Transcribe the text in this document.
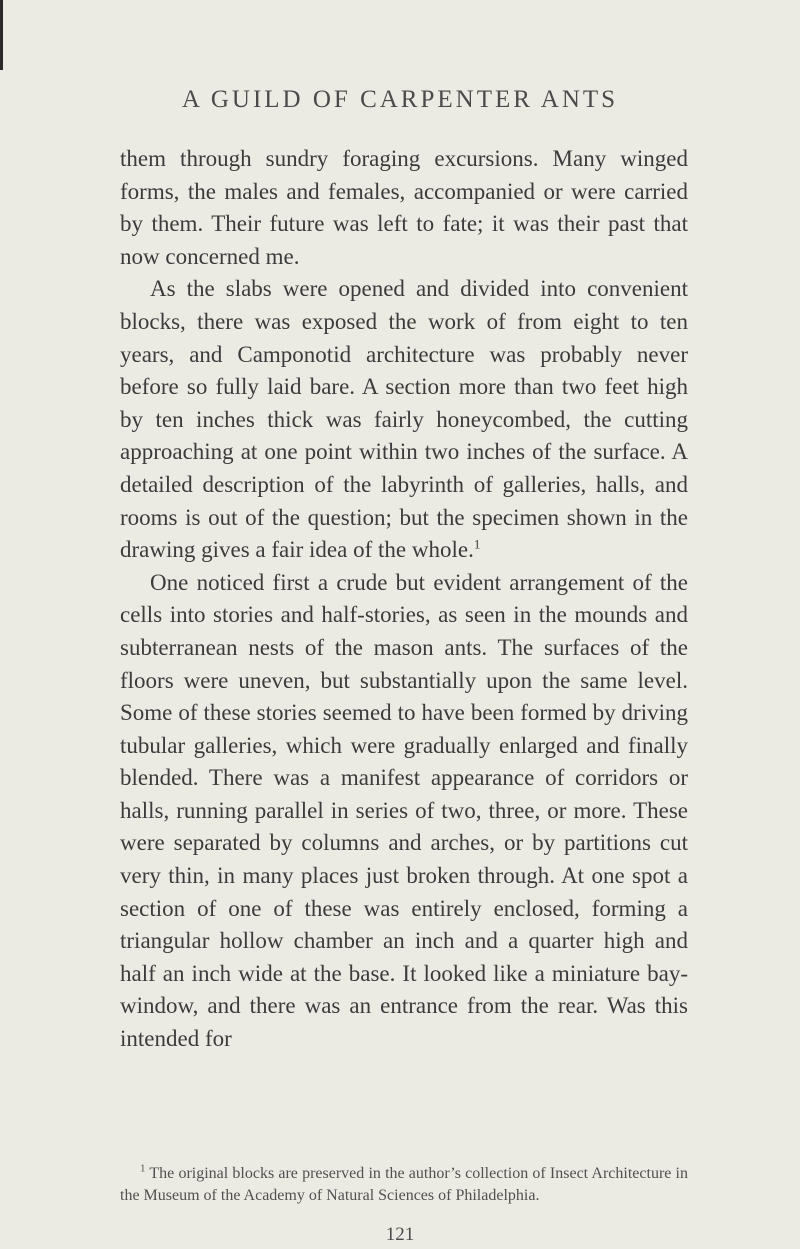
A GUILD OF CARPENTER ANTS

them through sundry foraging excursions. Many winged forms, the males and females, accompanied or were carried by them. Their future was left to fate; it was their past that now concerned me.

As the slabs were opened and divided into convenient blocks, there was exposed the work of from eight to ten years, and Camponotid architecture was probably never before so fully laid bare. A section more than two feet high by ten inches thick was fairly honeycombed, the cutting approaching at one point within two inches of the surface. A detailed description of the labyrinth of galleries, halls, and rooms is out of the question; but the specimen shown in the drawing gives a fair idea of the whole.$^1$

One noticed first a crude but evident arrangement of the cells into stories and half-stories, as seen in the mounds and subterranean nests of the mason ants. The surfaces of the floors were uneven, but substantially upon the same level. Some of these stories seemed to have been formed by driving tubular galleries, which were gradually enlarged and finally blended. There was a manifest appearance of corridors or halls, running parallel in series of two, three, or more. These were separated by columns and arches, or by partitions cut very thin, in many places just broken through. At one spot a section of one of these was entirely enclosed, forming a triangular hollow chamber an inch and a quarter high and half an inch wide at the base. It looked like a miniature bay-window, and there was an entrance from the rear. Was this intended for

$^1$ The original blocks are preserved in the author’s collection of Insect Architecture in the Museum of the Academy of Natural Sciences of Philadelphia.

121
